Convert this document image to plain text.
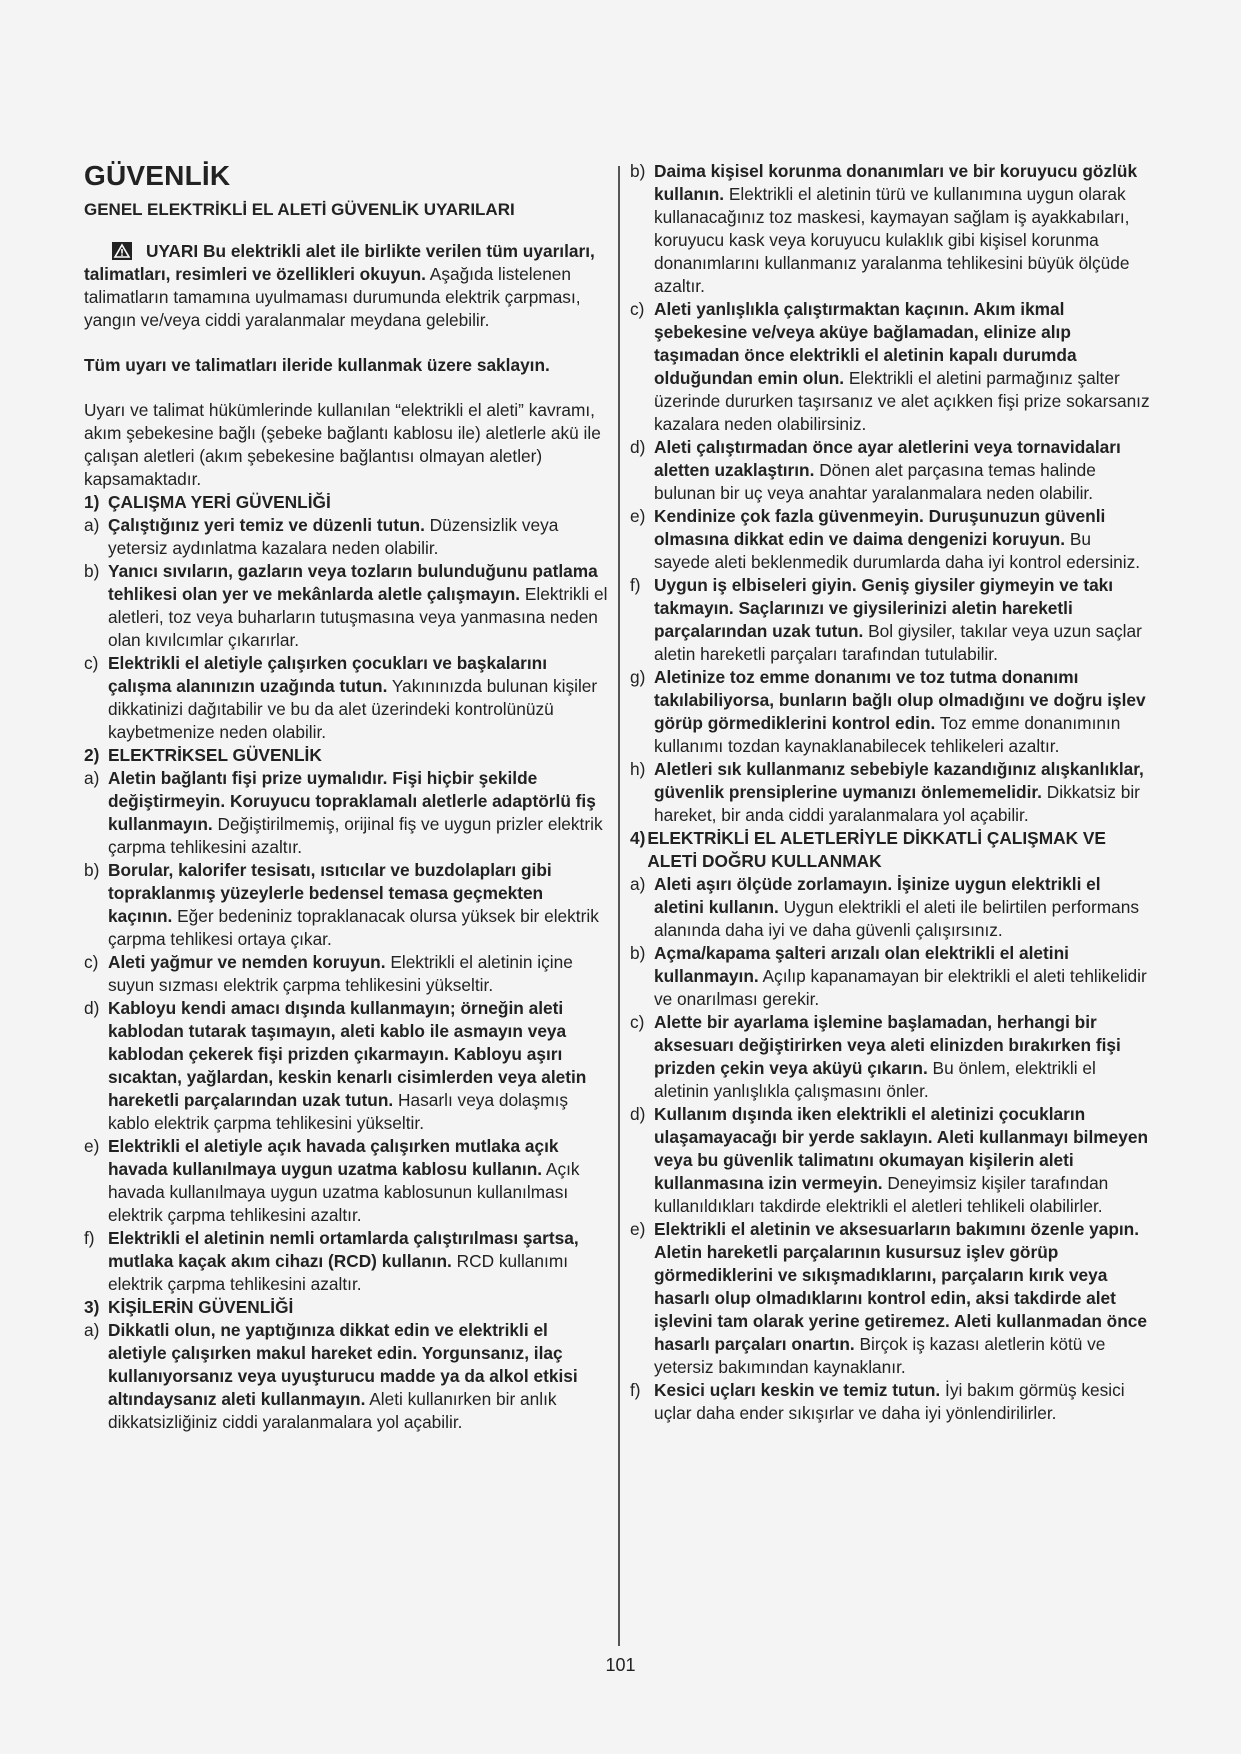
GÜVENLİK
GENEL ELEKTRİKLİ EL ALETİ GÜVENLİK UYARILARI

UYARI Bu elektrikli alet ile birlikte verilen tüm uyarıları, talimatları, resimleri ve özellikleri okuyun. Aşağıda listelenen talimatların tamamına uyulmaması durumunda elektrik çarpması, yangın ve/veya ciddi yaralanmalar meydana gelebilir.

Tüm uyarı ve talimatları ileride kullanmak üzere saklayın.

Uyarı ve talimat hükümlerinde kullanılan “elektrikli el aleti” kavramı, akım şebekesine bağlı (şebeke bağlantı kablosu ile) aletlerle akü ile çalışan aletleri (akım şebekesine bağlantısı olmayan aletler) kapsamaktadır.

1) ÇALIŞMA YERİ GÜVENLİĞİ
a) Çalıştığınız yeri temiz ve düzenli tutun. Düzensizlik veya yetersiz aydınlatma kazalara neden olabilir.
b) Yanıcı sıvıların, gazların veya tozların bulunduğunu patlama tehlikesi olan yer ve mekânlarda aletle çalışmayın. Elektrikli el aletleri, toz veya buharların tutuşmasına veya yanmasına neden olan kıvılcımlar çıkarırlar.
c) Elektrikli el aletiyle çalışırken çocukları ve başkalarını çalışma alanınızın uzağında tutun. Yakınınızda bulunan kişiler dikkatinizi dağıtabilir ve bu da alet üzerindeki kontrolünüzü kaybetmenize neden olabilir.
2) ELEKTRİKSEL GÜVENLİK
a) Aletin bağlantı fişi prize uymalıdır. Fişi hiçbir şekilde değiştirmeyin. Koruyucu topraklamalı aletlerle adaptörlü fiş kullanmayın. Değiştirilmemiş, orijinal fiş ve uygun prizler elektrik çarpma tehlikesini azaltır.
b) Borular, kalorifer tesisatı, ısıtıcılar ve buzdolapları gibi topraklanmış yüzeylerle bedensel temasa geçmekten kaçının. Eğer bedeniniz topraklanacak olursa yüksek bir elektrik çarpma tehlikesi ortaya çıkar.
c) Aleti yağmur ve nemden koruyun. Elektrikli el aletinin içine suyun sızması elektrik çarpma tehlikesini yükseltir.
d) Kabloyu kendi amacı dışında kullanmayın; örneğin aleti kablodan tutarak taşımayın, aleti kablo ile asmayın veya kablodan çekerek fişi prizden çıkarmayın. Kabloyu aşırı sıcaktan, yağlardan, keskin kenarlı cisimlerden veya aletin hareketli parçalarından uzak tutun. Hasarlı veya dolaşmış kablo elektrik çarpma tehlikesini yükseltir.
e) Elektrikli el aletiyle açık havada çalışırken mutlaka açık havada kullanılmaya uygun uzatma kablosu kullanın. Açık havada kullanılmaya uygun uzatma kablosunun kullanılması elektrik çarpma tehlikesini azaltır.
f) Elektrikli el aletinin nemli ortamlarda çalıştırılması şartsa, mutlaka kaçak akım cihazı (RCD) kullanın. RCD kullanımı elektrik çarpma tehlikesini azaltır.
3) KİŞİLERİN GÜVENLİĞİ
a) Dikkatli olun, ne yaptığınıza dikkat edin ve elektrikli el aletiyle çalışırken makul hareket edin. Yorgunsanız, ilaç kullanıyorsanız veya uyuşturucu madde ya da alkol etkisi altındaysanız aleti kullanmayın. Aleti kullanırken bir anlık dikkatsizliğiniz ciddi yaralanmalara yol açabilir.
b) Daima kişisel korunma donanımları ve bir koruyucu gözlük kullanın. Elektrikli el aletinin türü ve kullanımına uygun olarak kullanacağınız toz maskesi, kaymayan sağlam iş ayakkabıları, koruyucu kask veya koruyucu kulaklık gibi kişisel korunma donanımlarını kullanmanız yaralanma tehlikesini büyük ölçüde azaltır.
c) Aleti yanlışlıkla çalıştırmaktan kaçının. Akım ikmal şebekesine ve/veya aküye bağlamadan, elinize alıp taşımadan önce elektrikli el aletinin kapalı durumda olduğundan emin olun. Elektrikli el aletini parmağınız şalter üzerinde dururken taşırsanız ve alet açıkken fişi prize sokarsanız kazalara neden olabilirsiniz.
d) Aleti çalıştırmadan önce ayar aletlerini veya tornavidaları aletten uzaklaştırın. Dönen alet parçasına temas halinde bulunan bir uç veya anahtar yaralanmalara neden olabilir.
e) Kendinize çok fazla güvenmeyin. Duruşunuzun güvenli olmasına dikkat edin ve daima dengenizi koruyun. Bu sayede aleti beklenmedik durumlarda daha iyi kontrol edersiniz.
f) Uygun iş elbiseleri giyin. Geniş giysiler giymeyin ve takı takmayın. Saçlarınızı ve giysilerinizi aletin hareketli parçalarından uzak tutun. Bol giysiler, takılar veya uzun saçlar aletin hareketli parçaları tarafından tutulabilir.
g) Aletinize toz emme donanımı ve toz tutma donanımı takılabiliyorsa, bunların bağlı olup olmadığını ve doğru işlev görüp görmediklerini kontrol edin. Toz emme donanımının kullanımı tozdan kaynaklanabilecek tehlikeleri azaltır.
h) Aletleri sık kullanmanız sebebiyle kazandığınız alışkanlıklar, güvenlik prensiplerine uymanızı önlememelidir. Dikkatsiz bir hareket, bir anda ciddi yaralanmalara yol açabilir.
4) ELEKTRİKLİ EL ALETLERİYLE DİKKATLİ ÇALIŞMAK VE ALETİ DOĞRU KULLANMAK
a) Aleti aşırı ölçüde zorlamayın. İşinize uygun elektrikli el aletini kullanın. Uygun elektrikli el aleti ile belirtilen performans alanında daha iyi ve daha güvenli çalışırsınız.
b) Açma/kapama şalteri arızalı olan elektrikli el aletini kullanmayın. Açılıp kapanamayan bir elektrikli el aleti tehlikelidir ve onarılması gerekir.
c) Alette bir ayarlama işlemine başlamadan, herhangi bir aksesuarı değiştirirken veya aleti elinizden bırakırken fişi prizden çekin veya aküyü çıkarın. Bu önlem, elektrikli el aletinin yanlışlıkla çalışmasını önler.
d) Kullanım dışında iken elektrikli el aletinizi çocukların ulaşamayacağı bir yerde saklayın. Aleti kullanmayı bilmeyen veya bu güvenlik talimatını okumayan kişilerin aleti kullanmasına izin vermeyin. Deneyimsiz kişiler tarafından kullanıldıkları takdirde elektrikli el aletleri tehlikeli olabilirler.
e) Elektrikli el aletinin ve aksesuarların bakımını özenle yapın. Aletin hareketli parçalarının kusursuz işlev görüp görmediklerini ve sıkışmadıklarını, parçaların kırık veya hasarlı olup olmadıklarını kontrol edin, aksi takdirde alet işlevini tam olarak yerine getiremez. Aleti kullanmadan önce hasarlı parçaları onartın. Birçok iş kazası aletlerin kötü ve yetersiz bakımından kaynaklanır.
f) Kesici uçları keskin ve temiz tutun. İyi bakım görmüş kesici uçlar daha ender sıkışırlar ve daha iyi yönlendirilirler.
101
